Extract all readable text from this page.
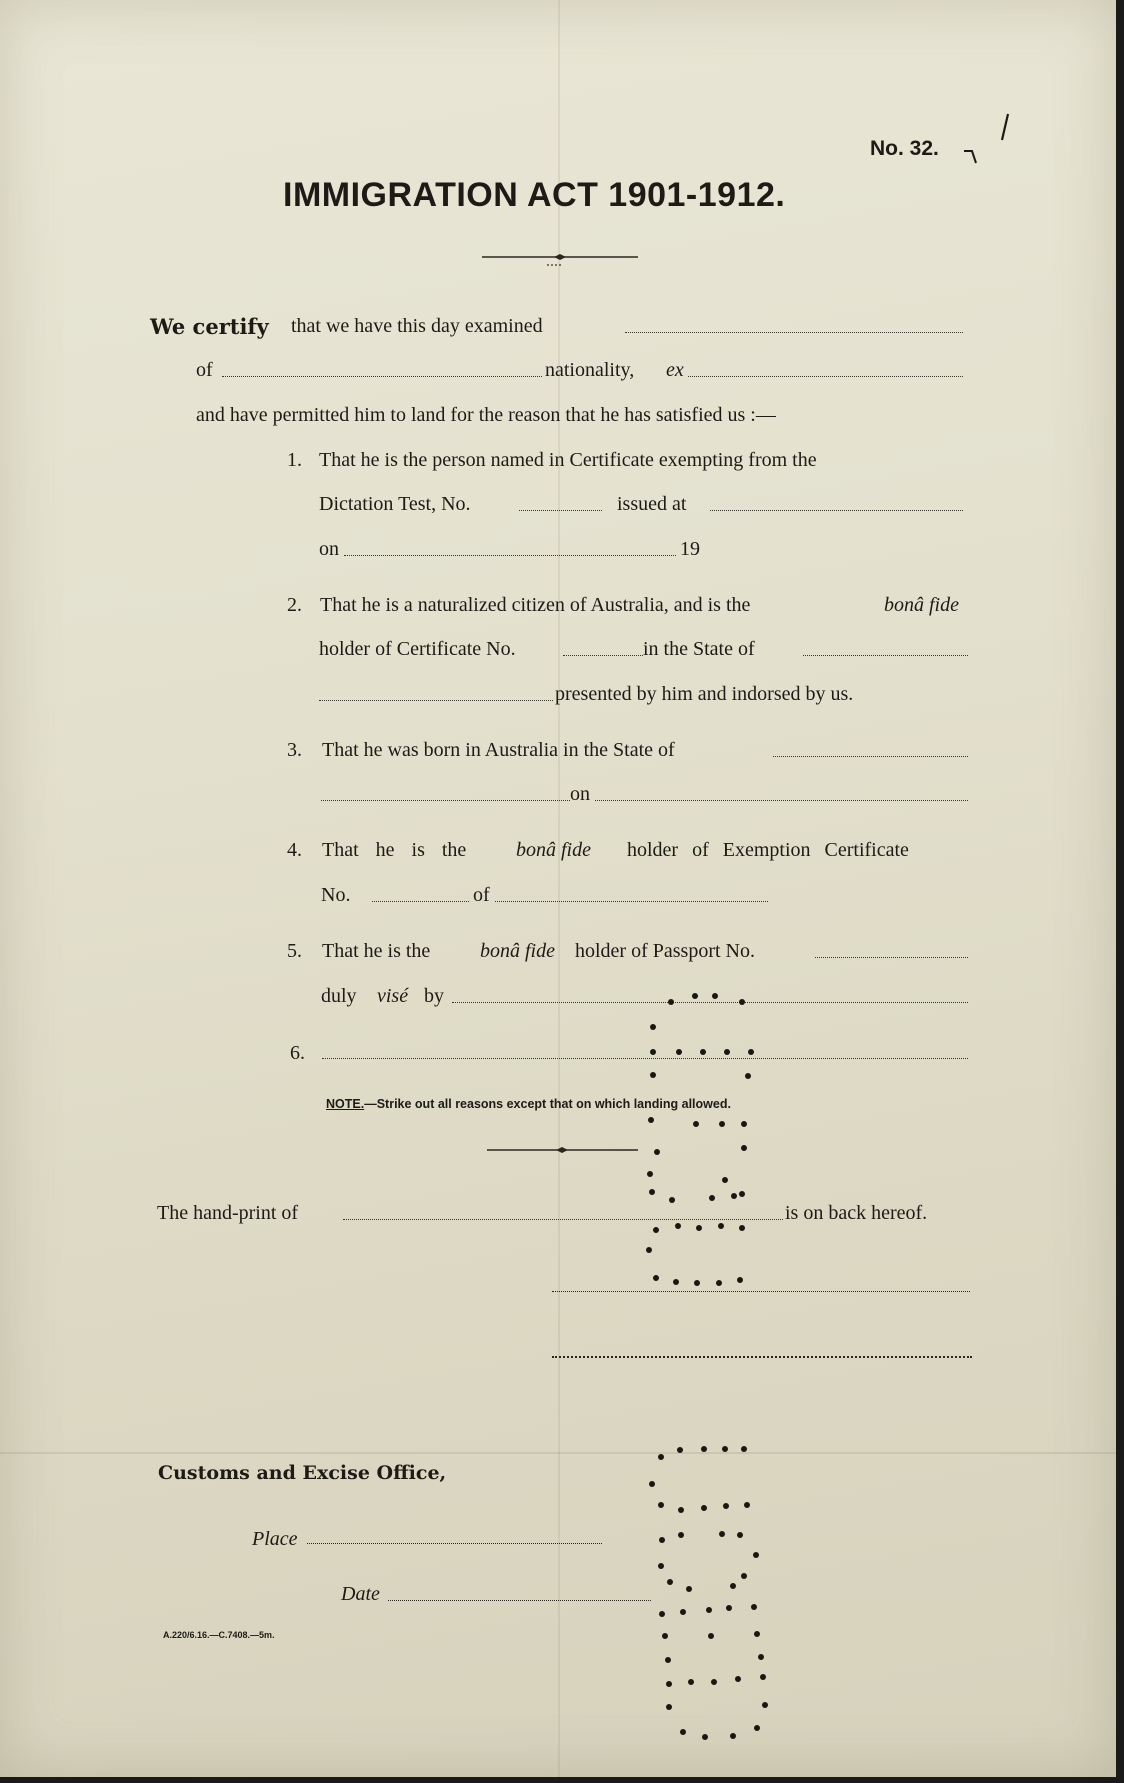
No. 32.
IMMIGRATION ACT 1901-1912.
We certify that we have this day examined
of	nationality, ex
and have permitted him to land for the reason that he has satisfied us :—
1. That he is the person named in Certificate exempting from the
Dictation Test, No.	issued at
on	19
2. That he is a naturalized citizen of Australia, and is the	bonâ fide
holder of Certificate No.	in the State of
presented by him and indorsed by us.
3. That he was born in Australia in the State of
on
4. That he is the bonâ fide holder of Exemption Certificate
No.	of
5. That he is the bonâ fide holder of Passport No.
duly visé by
6.
NOTE.—Strike out all reasons except that on which landing allowed.
The hand-print of	is on back hereof.
Customs and Excise Office,
Place
Date
A.220/6.16.—C.7408.—5m.
